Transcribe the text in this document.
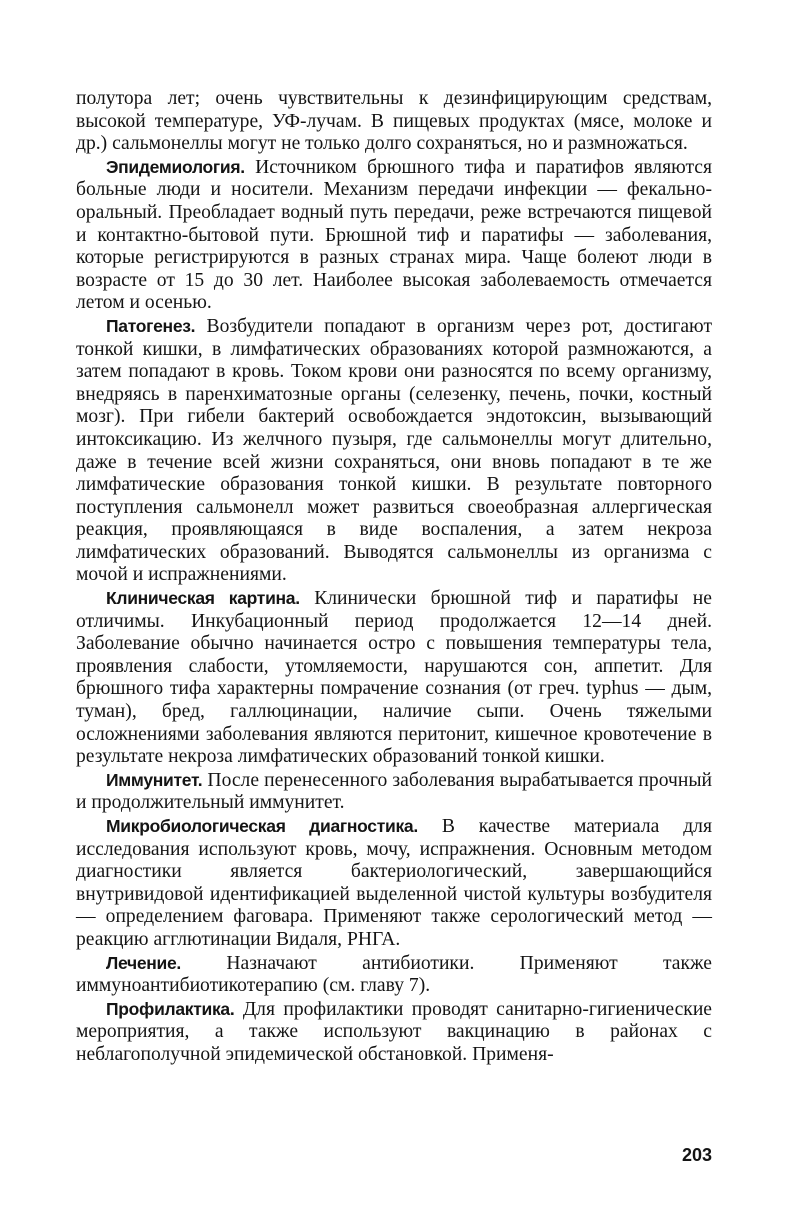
полутора лет; очень чувствительны к дезинфицирующим средствам, высокой температуре, УФ-лучам. В пищевых продуктах (мясе, молоке и др.) сальмонеллы могут не только долго сохраняться, но и размножаться.

Эпидемиология. Источником брюшного тифа и паратифов являются больные люди и носители. Механизм передачи инфекции — фекально-оральный. Преобладает водный путь передачи, реже встречаются пищевой и контактно-бытовой пути. Брюшной тиф и паратифы — заболевания, которые регистрируются в разных странах мира. Чаще болеют люди в возрасте от 15 до 30 лет. Наиболее высокая заболеваемость отмечается летом и осенью.

Патогенез. Возбудители попадают в организм через рот, достигают тонкой кишки, в лимфатических образованиях которой размножаются, а затем попадают в кровь. Током крови они разносятся по всему организму, внедряясь в паренхиматозные органы (селезенку, печень, почки, костный мозг). При гибели бактерий освобождается эндотоксин, вызывающий интоксикацию. Из желчного пузыря, где сальмонеллы могут длительно, даже в течение всей жизни сохраняться, они вновь попадают в те же лимфатические образования тонкой кишки. В результате повторного поступления сальмонелл может развиться своеобразная аллергическая реакция, проявляющаяся в виде воспаления, а затем некроза лимфатических образований. Выводятся сальмонеллы из организма с мочой и испражнениями.

Клиническая картина. Клинически брюшной тиф и паратифы не отличимы. Инкубационный период продолжается 12—14 дней. Заболевание обычно начинается остро с повышения температуры тела, проявления слабости, утомляемости, нарушаются сон, аппетит. Для брюшного тифа характерны помрачение сознания (от греч. typhus — дым, туман), бред, галлюцинации, наличие сыпи. Очень тяжелыми осложнениями заболевания являются перитонит, кишечное кровотечение в результате некроза лимфатических образований тонкой кишки.

Иммунитет. После перенесенного заболевания вырабатывается прочный и продолжительный иммунитет.

Микробиологическая диагностика. В качестве материала для исследования используют кровь, мочу, испражнения. Основным методом диагностики является бактериологический, завершающийся внутривидовой идентификацией выделенной чистой культуры возбудителя — определением фаговара. Применяют также серологический метод — реакцию агглютинации Видаля, РНГА.

Лечение. Назначают антибиотики. Применяют также иммуноантибиотикотерапию (см. главу 7).

Профилактика. Для профилактики проводят санитарно-гигиенические мероприятия, а также используют вакцинацию в районах с неблагополучной эпидемической обстановкой. Применя-

203
